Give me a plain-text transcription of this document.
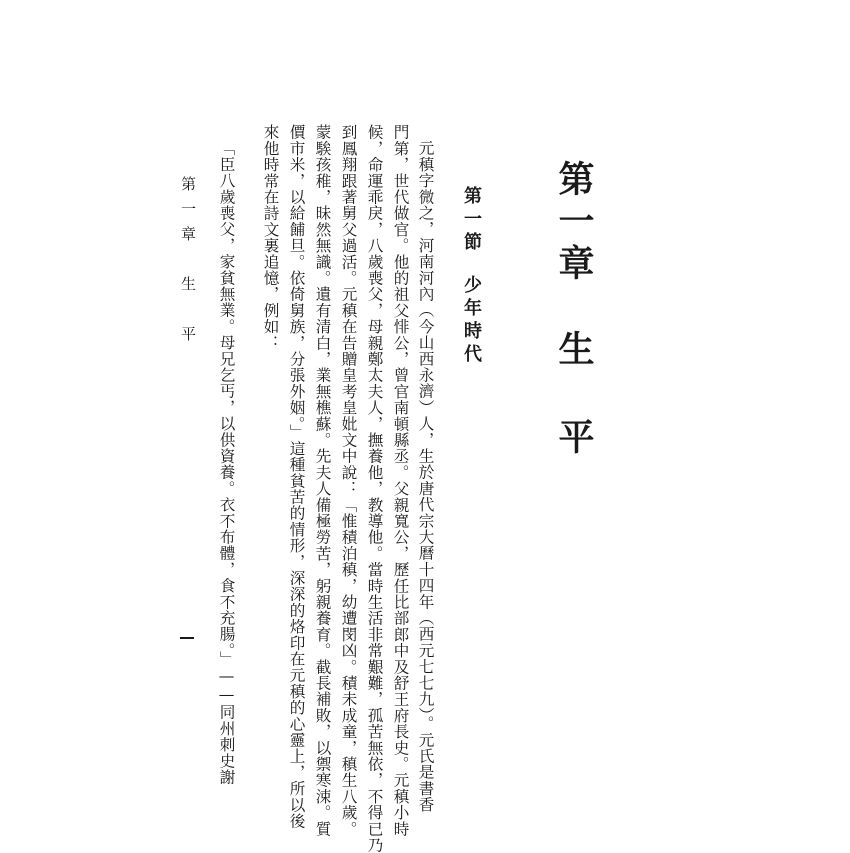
第一章生平
第一節少年時代
元稹字微之，河南河內（今山西永濟）人，生於唐代宗大曆十四年（西元七七九）。元氏是書香
門第，世代做官。他的祖父悱公，曾官南頓縣丞。父親寬公，歷任比部郎中及舒王府長史。元稹小時
候，命運乖戾，八歲喪父，母親鄭太夫人，撫養他，教導他。當時生活非常艱難，孤苦無依，不得已乃
到鳳翔跟著舅父過活。元稹在告贈皇考皇妣文中說：「惟積泊稹，幼遭閔凶。積未成童，稹生八歲。
蒙騃孩稚，昧然無識。遺有清白，業無樵蘇。先夫人備極勞苦，躬親養育。截長補敗，以禦寒涑。質
價市米，以給餔旦。依倚舅族，分張外姻。」這種貧苦的情形，深深的烙印在元稹的心靈上，所以後
來他時常在詩文裏追憶，例如：
「臣八歲喪父，家貧無業。母兄乞丐，以供資養。衣不布體，食不充腸。」——同州刺史謝
第一章　生　平
